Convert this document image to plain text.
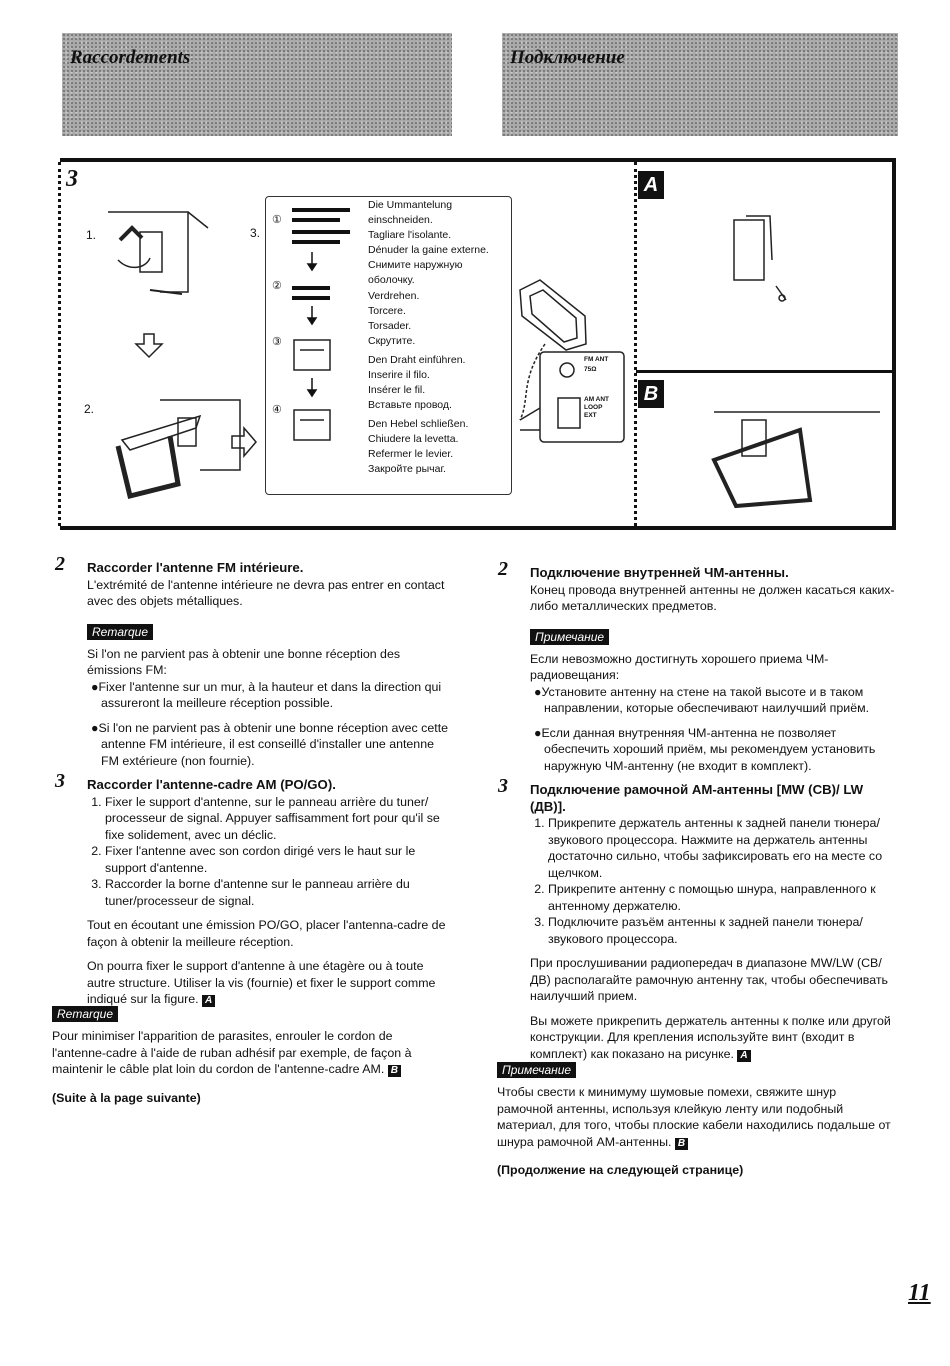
Raccordements	Подключение
3
1.
2.
3.
A
B
①
②
③
④
Die Ummantelung
einschneiden.
Tagliare l'isolante.
Dénuder la gaine externe.
Снимите наружную
оболочку.
Verdrehen.
Torcere.
Torsader.
Скрутите.
Den Draht einführen.
Inserire il filo.
Insérer le fil.
Вставьте провод.
Den Hebel schließen.
Chiudere la levetta.
Refermer le levier.
Закройте рычаг.
FM ANT
75Ω
AM ANT
LOOP
EXT
2 Raccorder l'antenne FM intérieure.

L'extrémité de l'antenne intérieure ne devra pas entrer en contact avec des objets métalliques.

Remarque

Si l'on ne parvient pas à obtenir une bonne réception des émissions FM:

●Fixer l'antenne sur un mur, à la hauteur et dans la direction qui assureront la meilleure réception possible.

●Si l'on ne parvient pas à obtenir une bonne réception avec cette antenne FM intérieure, il est conseillé d'installer une antenne FM extérieure (non fournie).

3 Raccorder l'antenne-cadre AM (PO/GO).
1. Fixer le support d'antenne, sur le panneau arrière du tuner/ processeur de signal. Appuyer saffisamment fort pour qu'il se fixe solidement, avec un déclic.
2. Fixer l'antenne avec son cordon dirigé vers le haut sur le support d'antenne.
3. Raccorder la borne d'antenne sur le panneau arrière du tuner/processeur de signal.

Tout en écoutant une émission PO/GO, placer l'antenna-cadre de façon à obtenir la meilleure réception.

On pourra fixer le support d'antenne à une étagère ou à toute autre structure. Utiliser la vis (fournie) et fixer le support comme indiqué sur la figure. A

Remarque

Pour minimiser l'apparition de parasites, enrouler le cordon de l'antenne-cadre à l'aide de ruban adhésif par exemple, de façon à maintenir le câble plat loin du cordon de l'antenne-cadre AM. B

(Suite à la page suivante)

2 Подключение внутренней ЧМ-антенны.

Конец провода внутренней антенны не должен касаться каких-либо металлических предметов.

Примечание

Если невозможно достигнуть хорошего приема ЧМ-радиовещания:

●Установите антенну на стене на такой высоте и в таком направлении, которые обеспечивают наилучший приём.

●Если данная внутренняя ЧМ-антенна не позволяет обеспечить хороший приём, мы рекомендуем установить наружную ЧМ-антенну (не входит в комплект).

3 Подключение рамочной АМ-антенны [MW (СВ)/ LW (ДВ)].
1. Прикрепите держатель антенны к задней панели тюнера/звукового процессора. Нажмите на держатель антенны достаточно сильно, чтобы зафиксировать его на месте со щелчком.
2. Прикрепите антенну с помощью шнура, направленного к антенному держателю.
3. Подключите разъём антенны к задней панели тюнера/ звукового процессора.

При прослушивании радиопередач в диапазоне MW/LW (СВ/ДВ) располагайте рамочную антенну так, чтобы обеспечивать наилучший прием.

Вы можете прикрепить держатель антенны к полке или другой конструкции. Для крепления используйте винт (входит в комплект) как показано на рисунке. A

Примечание

Чтобы свести к минимуму шумовые помехи, свяжите шнур рамочной антенны, используя клейкую ленту или подобный материал, для того, чтобы плоские кабели находились подальше от шнура рамочной АМ-антенны. B

(Продолжение на следующей странице)

11
